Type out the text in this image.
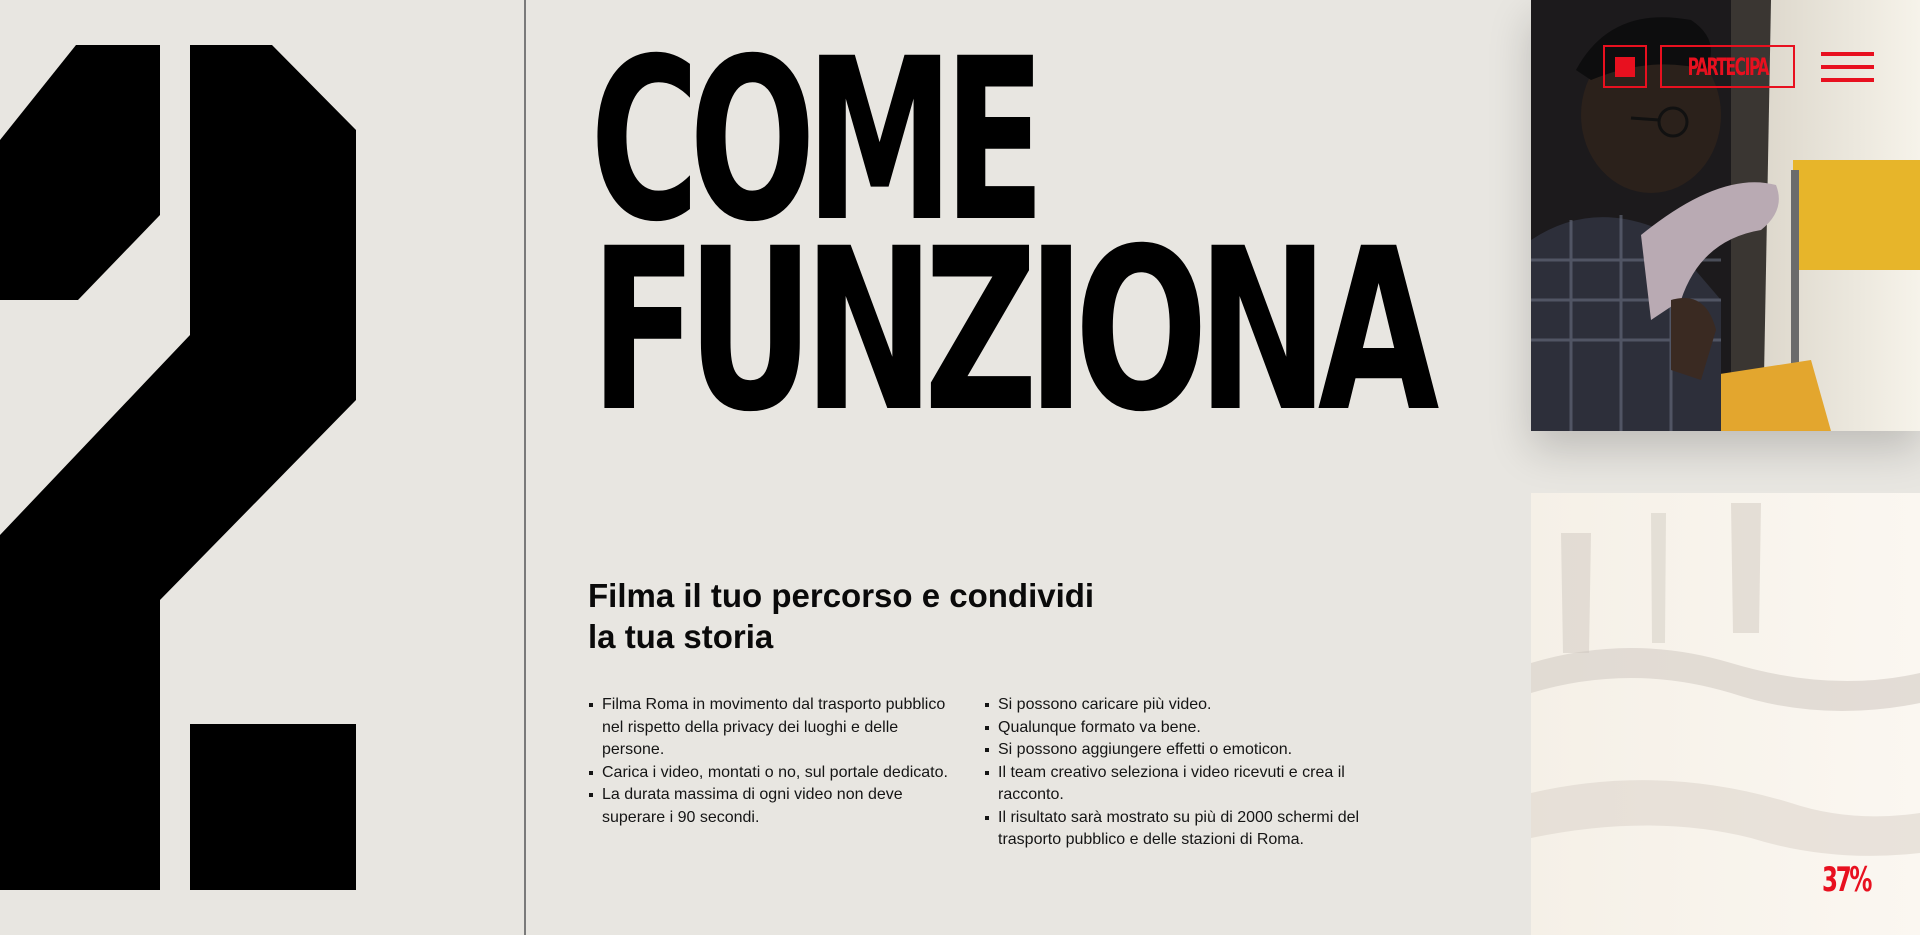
COME
FUNZIONA
Filma il tuo percorso e condividi
la tua storia
Filma Roma in movimento dal trasporto pubblico nel rispetto della privacy dei luoghi e delle persone.
Carica i video, montati o no, sul portale dedicato.
La durata massima di ogni video non deve superare i 90 secondi.
Si possono caricare più video.
Qualunque formato va bene.
Si possono aggiungere effetti o emoticon.
Il team creativo seleziona i video ricevuti e crea il racconto.
Il risultato sarà mostrato su più di 2000 schermi del trasporto pubblico e delle stazioni di Roma.
PARTECIPA
37%
